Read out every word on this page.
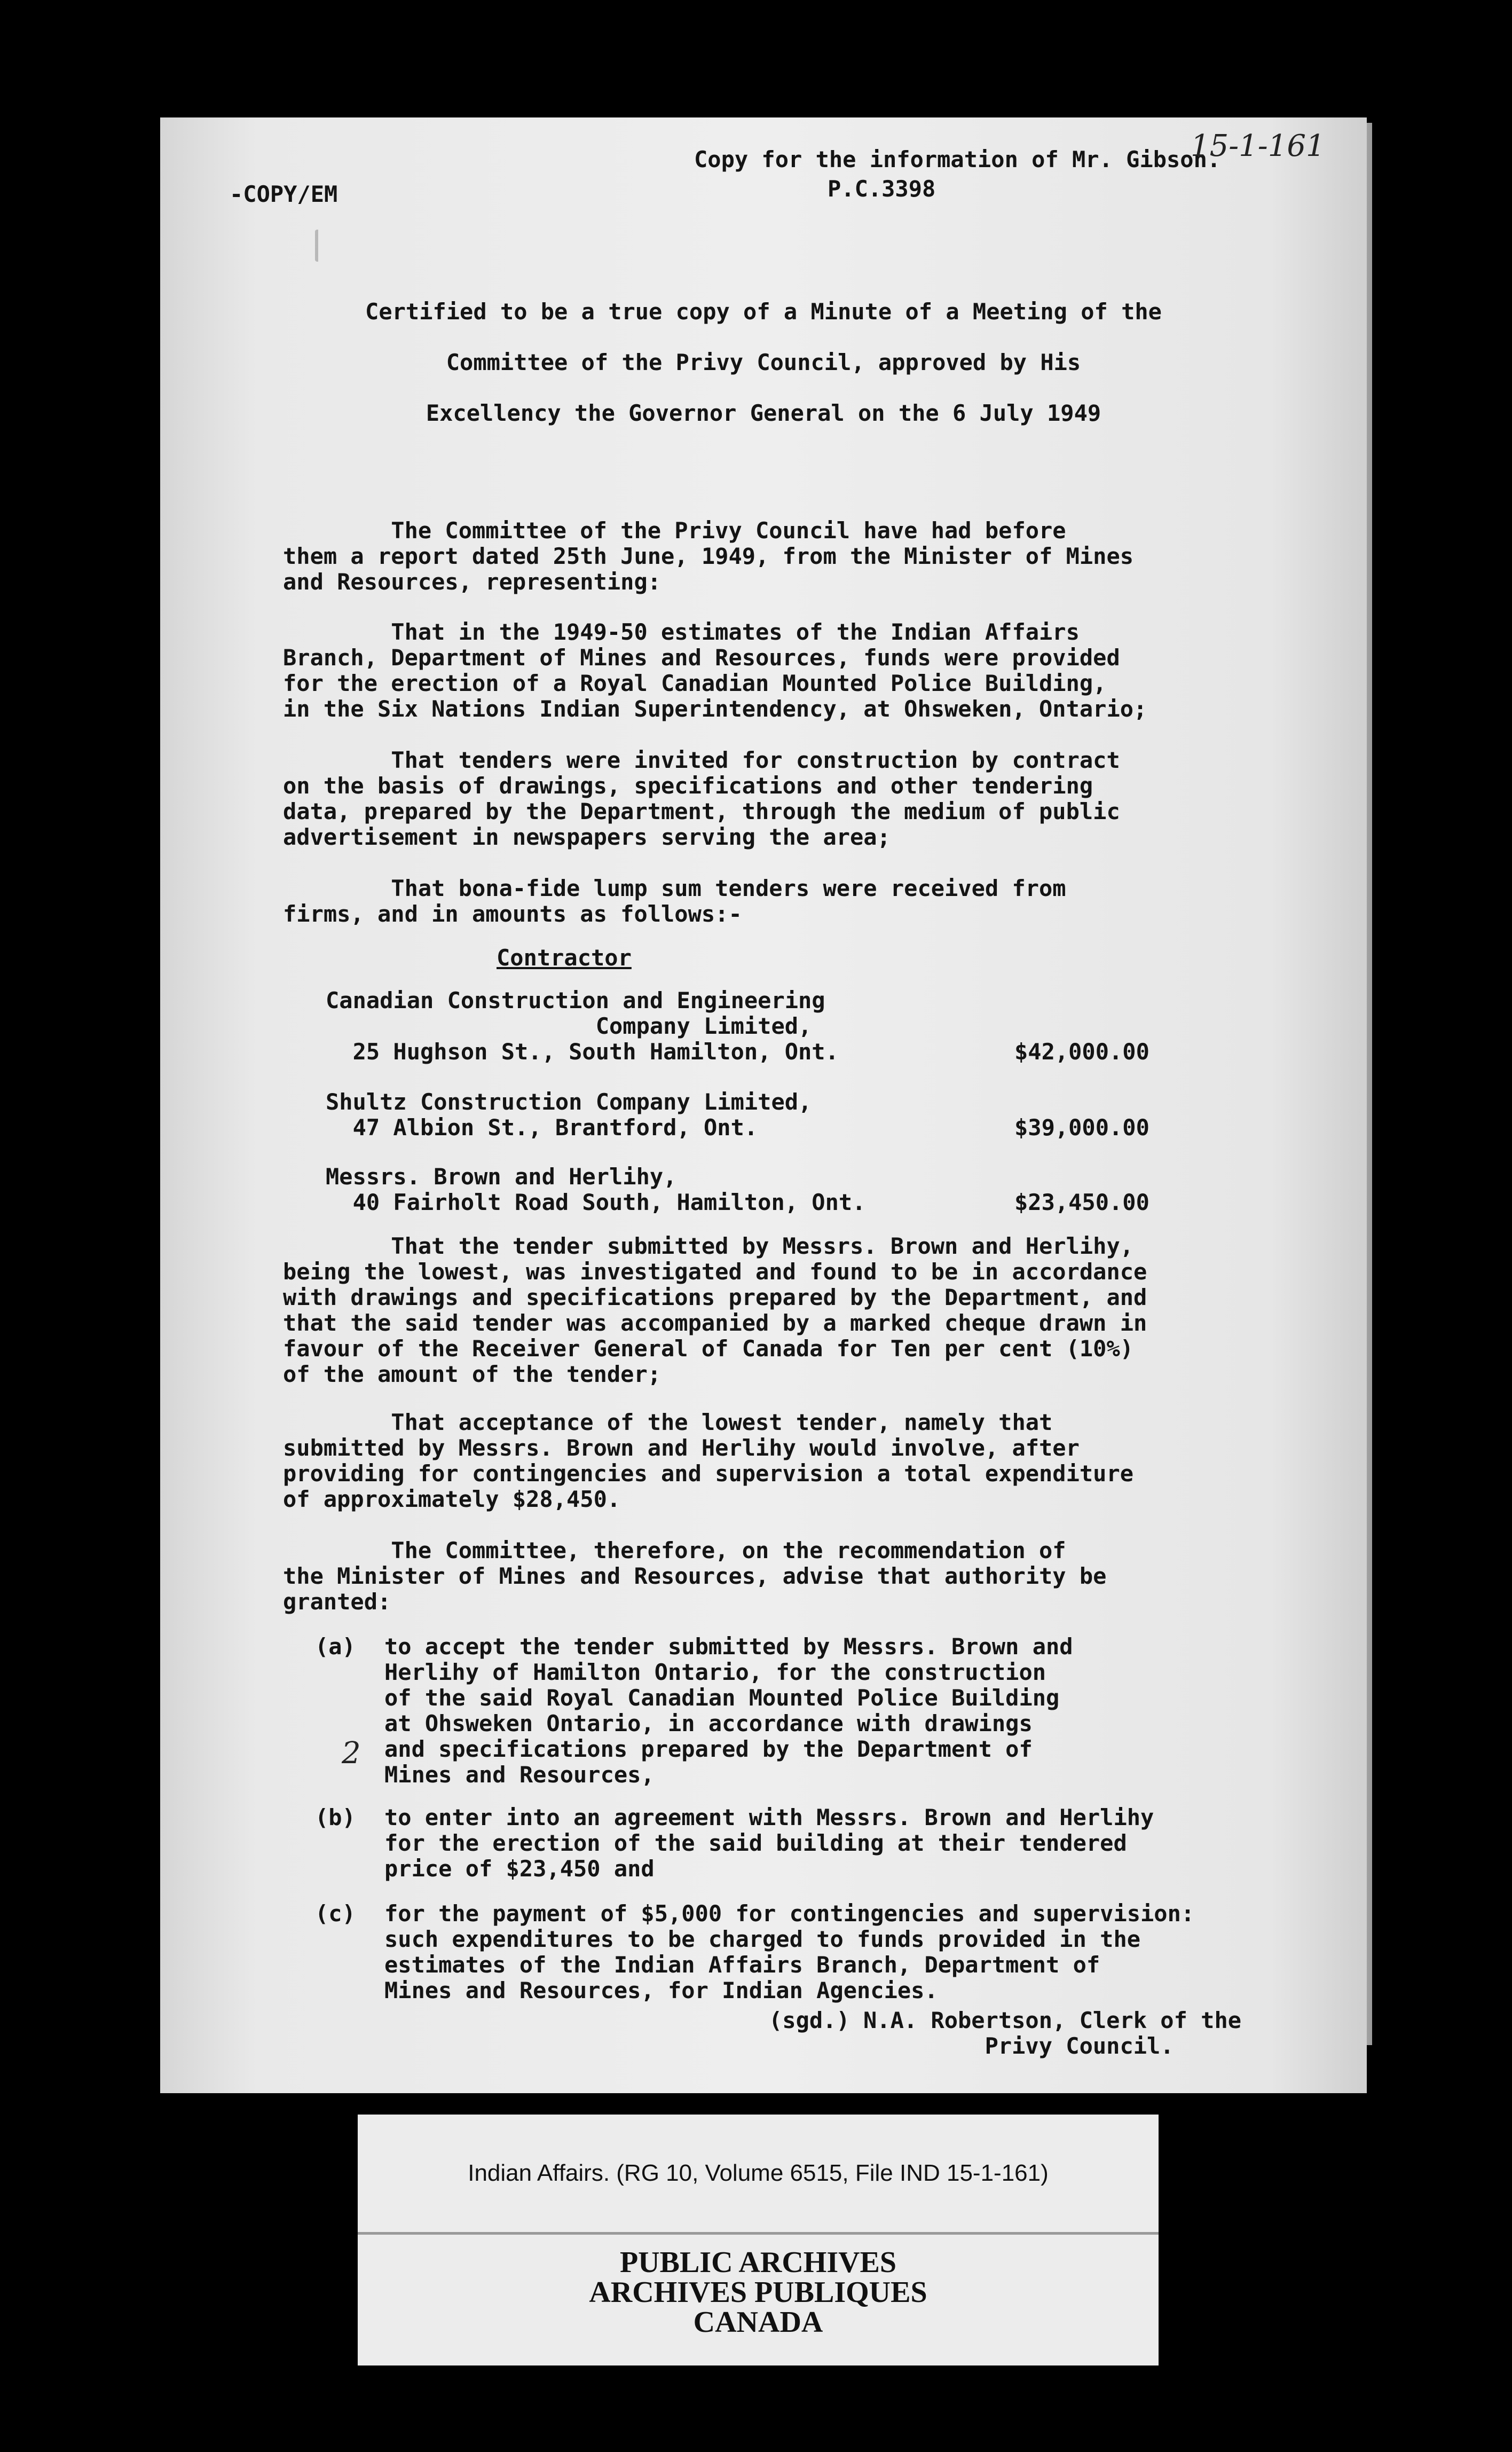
Copy for the information of Mr. Gibson.
P.C.3398
15-1-161
-COPY/EM
Certified to be a true copy of a Minute of a Meeting of the
Committee of the Privy Council, approved by His
Excellency the Governor General on the 6 July 1949
The Committee of the Privy Council have had before
them a report dated 25th June, 1949, from the Minister of Mines
and Resources, representing:
That in the 1949-50 estimates of the Indian Affairs
Branch, Department of Mines and Resources, funds were provided
for the erection of a Royal Canadian Mounted Police Building,
in the Six Nations Indian Superintendency, at Ohsweken, Ontario;
That tenders were invited for construction by contract
on the basis of drawings, specifications and other tendering
data, prepared by the Department, through the medium of public
advertisement in newspapers serving the area;
That bona-fide lump sum tenders were received from
firms, and in amounts as follows:-
Contractor
Canadian Construction and Engineering
Company Limited,
25 Hughson St., South Hamilton, Ont.	$42,000.00
Shultz Construction Company Limited,
47 Albion St., Brantford, Ont.	$39,000.00
Messrs. Brown and Herlihy,
40 Fairholt Road South, Hamilton, Ont.	$23,450.00
That the tender submitted by Messrs. Brown and Herlihy,
being the lowest, was investigated and found to be in accordance
with drawings and specifications prepared by the Department, and
that the said tender was accompanied by a marked cheque drawn in
favour of the Receiver General of Canada for Ten per cent (10%)
of the amount of the tender;
That acceptance of the lowest tender, namely that
submitted by Messrs. Brown and Herlihy would involve, after
providing for contingencies and supervision a total expenditure
of approximately $28,450.
The Committee, therefore, on the recommendation of
the Minister of Mines and Resources, advise that authority be
granted:
(a) to accept the tender submitted by Messrs. Brown and
Herlihy of Hamilton Ontario, for the construction
of the said Royal Canadian Mounted Police Building
at Ohsweken Ontario, in accordance with drawings
and specifications prepared by the Department of
Mines and Resources,
2
(b) to enter into an agreement with Messrs. Brown and Herlihy
for the erection of the said building at their tendered
price of $23,450 and
(c) for the payment of $5,000 for contingencies and supervision:
such expenditures to be charged to funds provided in the
estimates of the Indian Affairs Branch, Department of
Mines and Resources, for Indian Agencies.
(sgd.) N.A. Robertson, Clerk of the
Privy Council.
Indian Affairs. (RG 10, Volume 6515, File IND 15-1-161)
PUBLIC ARCHIVES
ARCHIVES PUBLIQUES
CANADA
